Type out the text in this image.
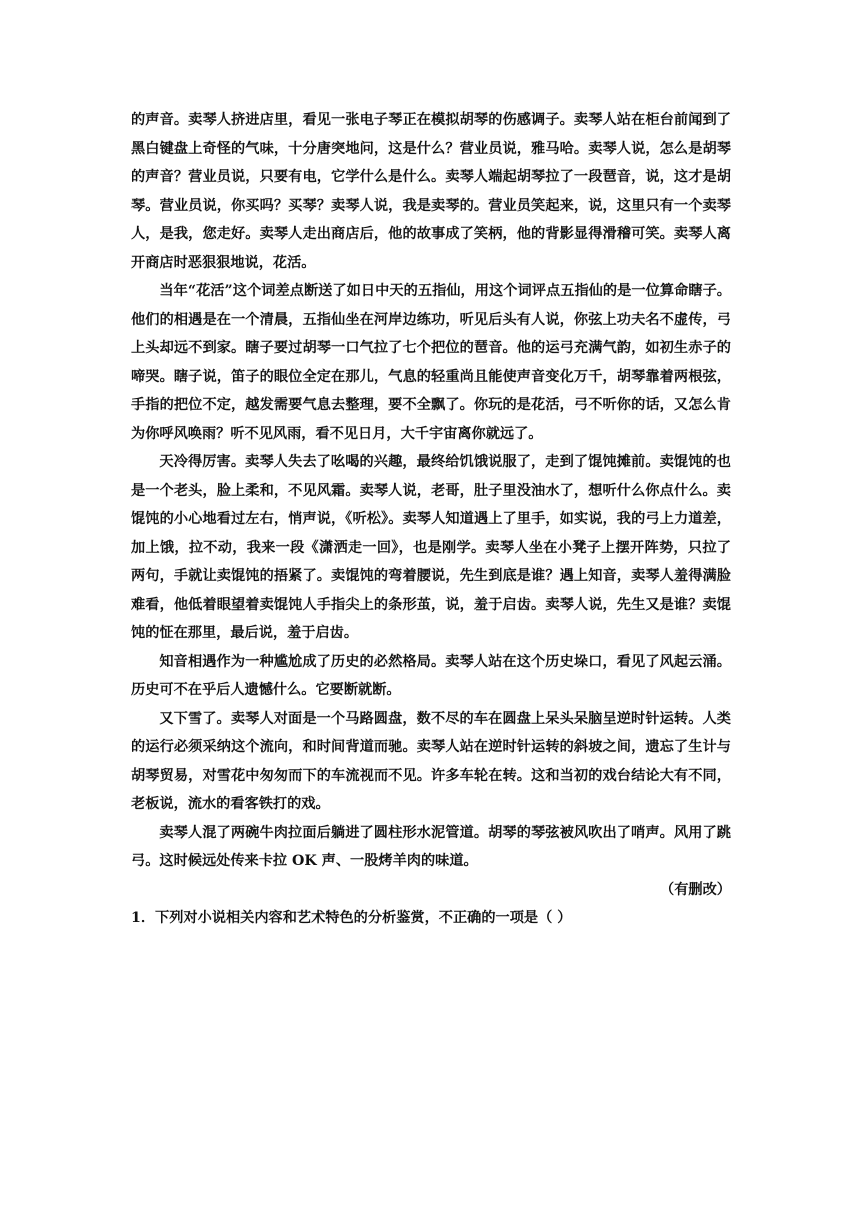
的声音。卖琴人挤进店里，看见一张电子琴正在模拟胡琴的伤感调子。卖琴人站在柜台前闻到了黑白键盘上奇怪的气味，十分唐突地问，这是什么？营业员说，雅马哈。卖琴人说，怎么是胡琴的声音？营业员说，只要有电，它学什么是什么。卖琴人端起胡琴拉了一段琶音，说，这才是胡琴。营业员说，你买吗？买琴？卖琴人说，我是卖琴的。营业员笑起来，说，这里只有一个卖琴人，是我，您走好。卖琴人走出商店后，他的故事成了笑柄，他的背影显得滑稽可笑。卖琴人离开商店时恶狠狠地说，花活。

当年“花活”这个词差点断送了如日中天的五指仙，用这个词评点五指仙的是一位算命瞎子。他们的相遇是在一个清晨，五指仙坐在河岸边练功，听见后头有人说，你弦上功夫名不虚传，弓上头却远不到家。瞎子要过胡琴一口气拉了七个把位的琶音。他的运弓充满气韵，如初生赤子的啼哭。瞎子说，笛子的眼位全定在那儿，气息的轻重尚且能使声音变化万千，胡琴靠着两根弦，手指的把位不定，越发需要气息去整理，要不全飘了。你玩的是花活，弓不听你的话，又怎么肯为你呼风唤雨？听不见风雨，看不见日月，大千宇宙离你就远了。

天冷得厉害。卖琴人失去了吆喝的兴趣，最终给饥饿说服了，走到了馄饨摊前。卖馄饨的也是一个老头，脸上柔和，不见风霜。卖琴人说，老哥，肚子里没油水了，想听什么你点什么。卖馄饨的小心地看过左右，悄声说，《听松》。卖琴人知道遇上了里手，如实说，我的弓上力道差，加上饿，拉不动，我来一段《潇洒走一回》，也是刚学。卖琴人坐在小凳子上摆开阵势，只拉了两句，手就让卖馄饨的捂紧了。卖馄饨的弯着腰说，先生到底是谁？遇上知音，卖琴人羞得满脸难看，他低着眼望着卖馄饨人手指尖上的条形茧，说，羞于启齿。卖琴人说，先生又是谁？卖馄饨的怔在那里，最后说，羞于启齿。

知音相遇作为一种尴尬成了历史的必然格局。卖琴人站在这个历史垛口，看见了风起云涌。历史可不在乎后人遗憾什么。它要断就断。

又下雪了。卖琴人对面是一个马路圆盘，数不尽的车在圆盘上呆头呆脑呈逆时针运转。人类的运行必须采纳这个流向，和时间背道而驰。卖琴人站在逆时针运转的斜坡之间，遗忘了生计与胡琴贸易，对雪花中匆匆而下的车流视而不见。许多车轮在转。这和当初的戏台结论大有不同，老板说，流水的看客铁打的戏。

卖琴人混了两碗牛肉拉面后躺进了圆柱形水泥管道。胡琴的琴弦被风吹出了哨声。风用了跳弓。这时候远处传来卡拉 OK 声、一股烤羊肉的味道。

（有删改）

1．下列对小说相关内容和艺术特色的分析鉴赏，不正确的一项是（ ）
